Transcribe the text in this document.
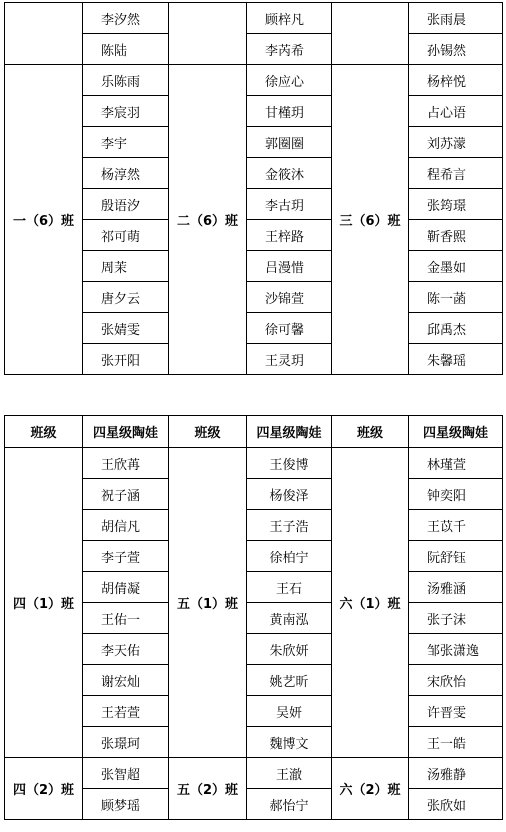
	李汐然		顾梓凡		张雨晨
	陈陆		李芮希		孙锡然
一（6）班	乐陈雨	二（6）班	徐应心	三（6）班	杨梓悦
	李宸羽		甘槿玥		占心语
	李宇		郭圈圈		刘苏濛
	杨淳然		金筱沐		程希言
	殷语汐		李古玥		张筠璟
	祁可萌		王梓路		靳香熙
	周茉		吕漫惜		金墨如
	唐夕云		沙锦萱		陈一菡
	张婧雯		徐可馨		邱禹杰
	张开阳		王灵玥		朱馨瑶
班级	四星级陶娃	班级	四星级陶娃	班级	四星级陶娃
四（1）班	王欣苒	五（1）班	王俊博	六（1）班	林瑾萱
	祝子涵		杨俊泽		钟奕阳
	胡信凡		王子浩		王苡千
	李子萱		徐柏宁		阮舒钰
	胡倩凝		王石		汤雅涵
	王佑一		黄南泓		张子沫
	李天佑		朱欣妍		邹张潇逸
	谢宏灿		姚艺昕		宋欣怡
	王若萱		吴妍		许晋雯
	张璟珂		魏博文		王一皓
四（2）班	张智超	五（2）班	王澈	六（2）班	汤雅静
	顾梦瑶		郝怡宁		张欣如
